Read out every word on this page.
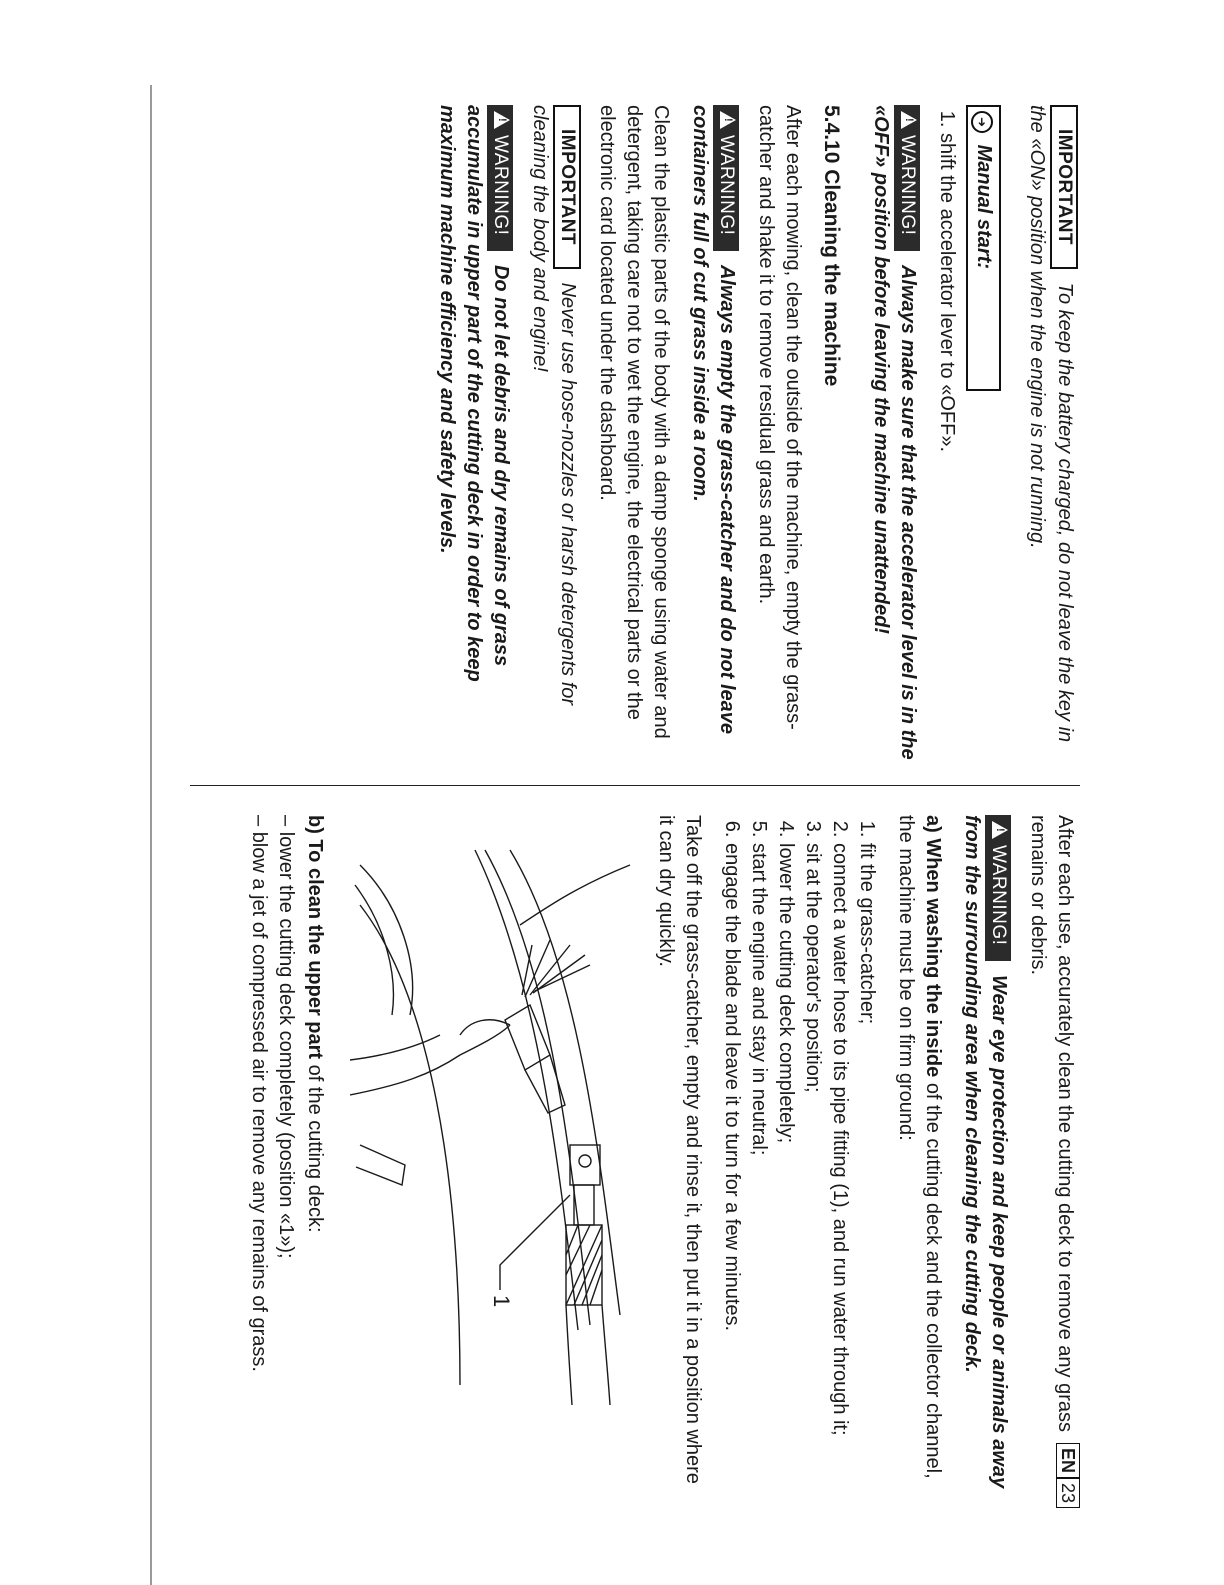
IMPORTANT To keep the battery charged, do not leave the key in the «ON» position when the engine is not running.

➜ Manual start:
1. shift the accelerator lever to «OFF».

!WARNING! Always make sure that the accelerator level is in the «OFF» position before leaving the machine unattended!

5.4.10 Cleaning the machine

After each mowing, clean the outside of the machine, empty the grass-catcher and shake it to remove residual grass and earth.

!WARNING! Always empty the grass-catcher and do not leave containers full of cut grass inside a room.

Clean the plastic parts of the body with a damp sponge using water and detergent, taking care not to wet the engine, the electrical parts or the electronic card located under the dashboard.

IMPORTANT Never use hose-nozzles or harsh detergents for cleaning the body and engine!

!WARNING! Do not let debris and dry remains of grass accumulate in upper part of the cutting deck in order to keep maximum machine efficiency and safety levels.

After each use, accurately clean the cutting deck to remove any grass remains or debris.

!WARNING! Wear eye protection and keep people or animals away from the surrounding area when cleaning the cutting deck.

a) When washing the inside of the cutting deck and the collector channel, the machine must be on firm ground:

1. fit the grass-catcher;
2. connect a water hose to its pipe fitting (1), and run water through it;
3. sit at the operator's position;
4. lower the cutting deck completely;
5. start the engine and stay in neutral;
6. engage the blade and leave it to turn for a few minutes.

Take off the grass-catcher, empty and rinse it, then put it in a position where it can dry quickly.

b) To clean the upper part of the cutting deck:

– lower the cutting deck completely (position «1»);
– blow a jet of compressed air to remove any remains of grass.	1
EN23
